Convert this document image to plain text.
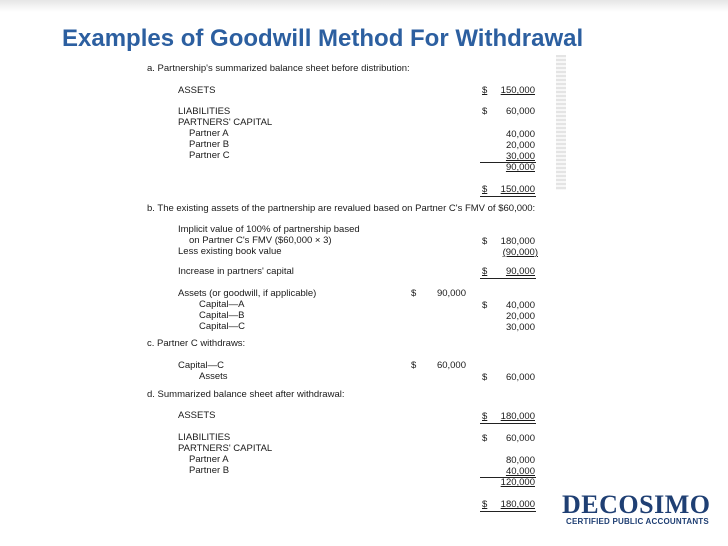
Examples of Goodwill Method For Withdrawal
a. Partnership's summarized balance sheet before distribution:
ASSETS	$	150,000
LIABILITIES	$	60,000
PARTNERS' CAPITAL
Partner A	40,000
Partner B	20,000
Partner C	30,000
90,000
$	150,000
b. The existing assets of the partnership are revalued based on Partner C's FMV of $60,000:
Implicit value of 100% of partnership based
on Partner C's FMV ($60,000 × 3)	$	180,000
Less existing book value	(90,000)
Increase in partners' capital	$	90,000
Assets (or goodwill, if applicable)	$	90,000
Capital—A	$	40,000
Capital—B	20,000
Capital—C	30,000
c. Partner C withdraws:
Capital—C	$	60,000
Assets	$	60,000
d. Summarized balance sheet after withdrawal:
ASSETS	$	180,000
LIABILITIES	$	60,000
PARTNERS' CAPITAL
Partner A	80,000
Partner B	40,000
120,000
$	180,000 DECOSIMO
CERTIFIED PUBLIC ACCOUNTANTS
